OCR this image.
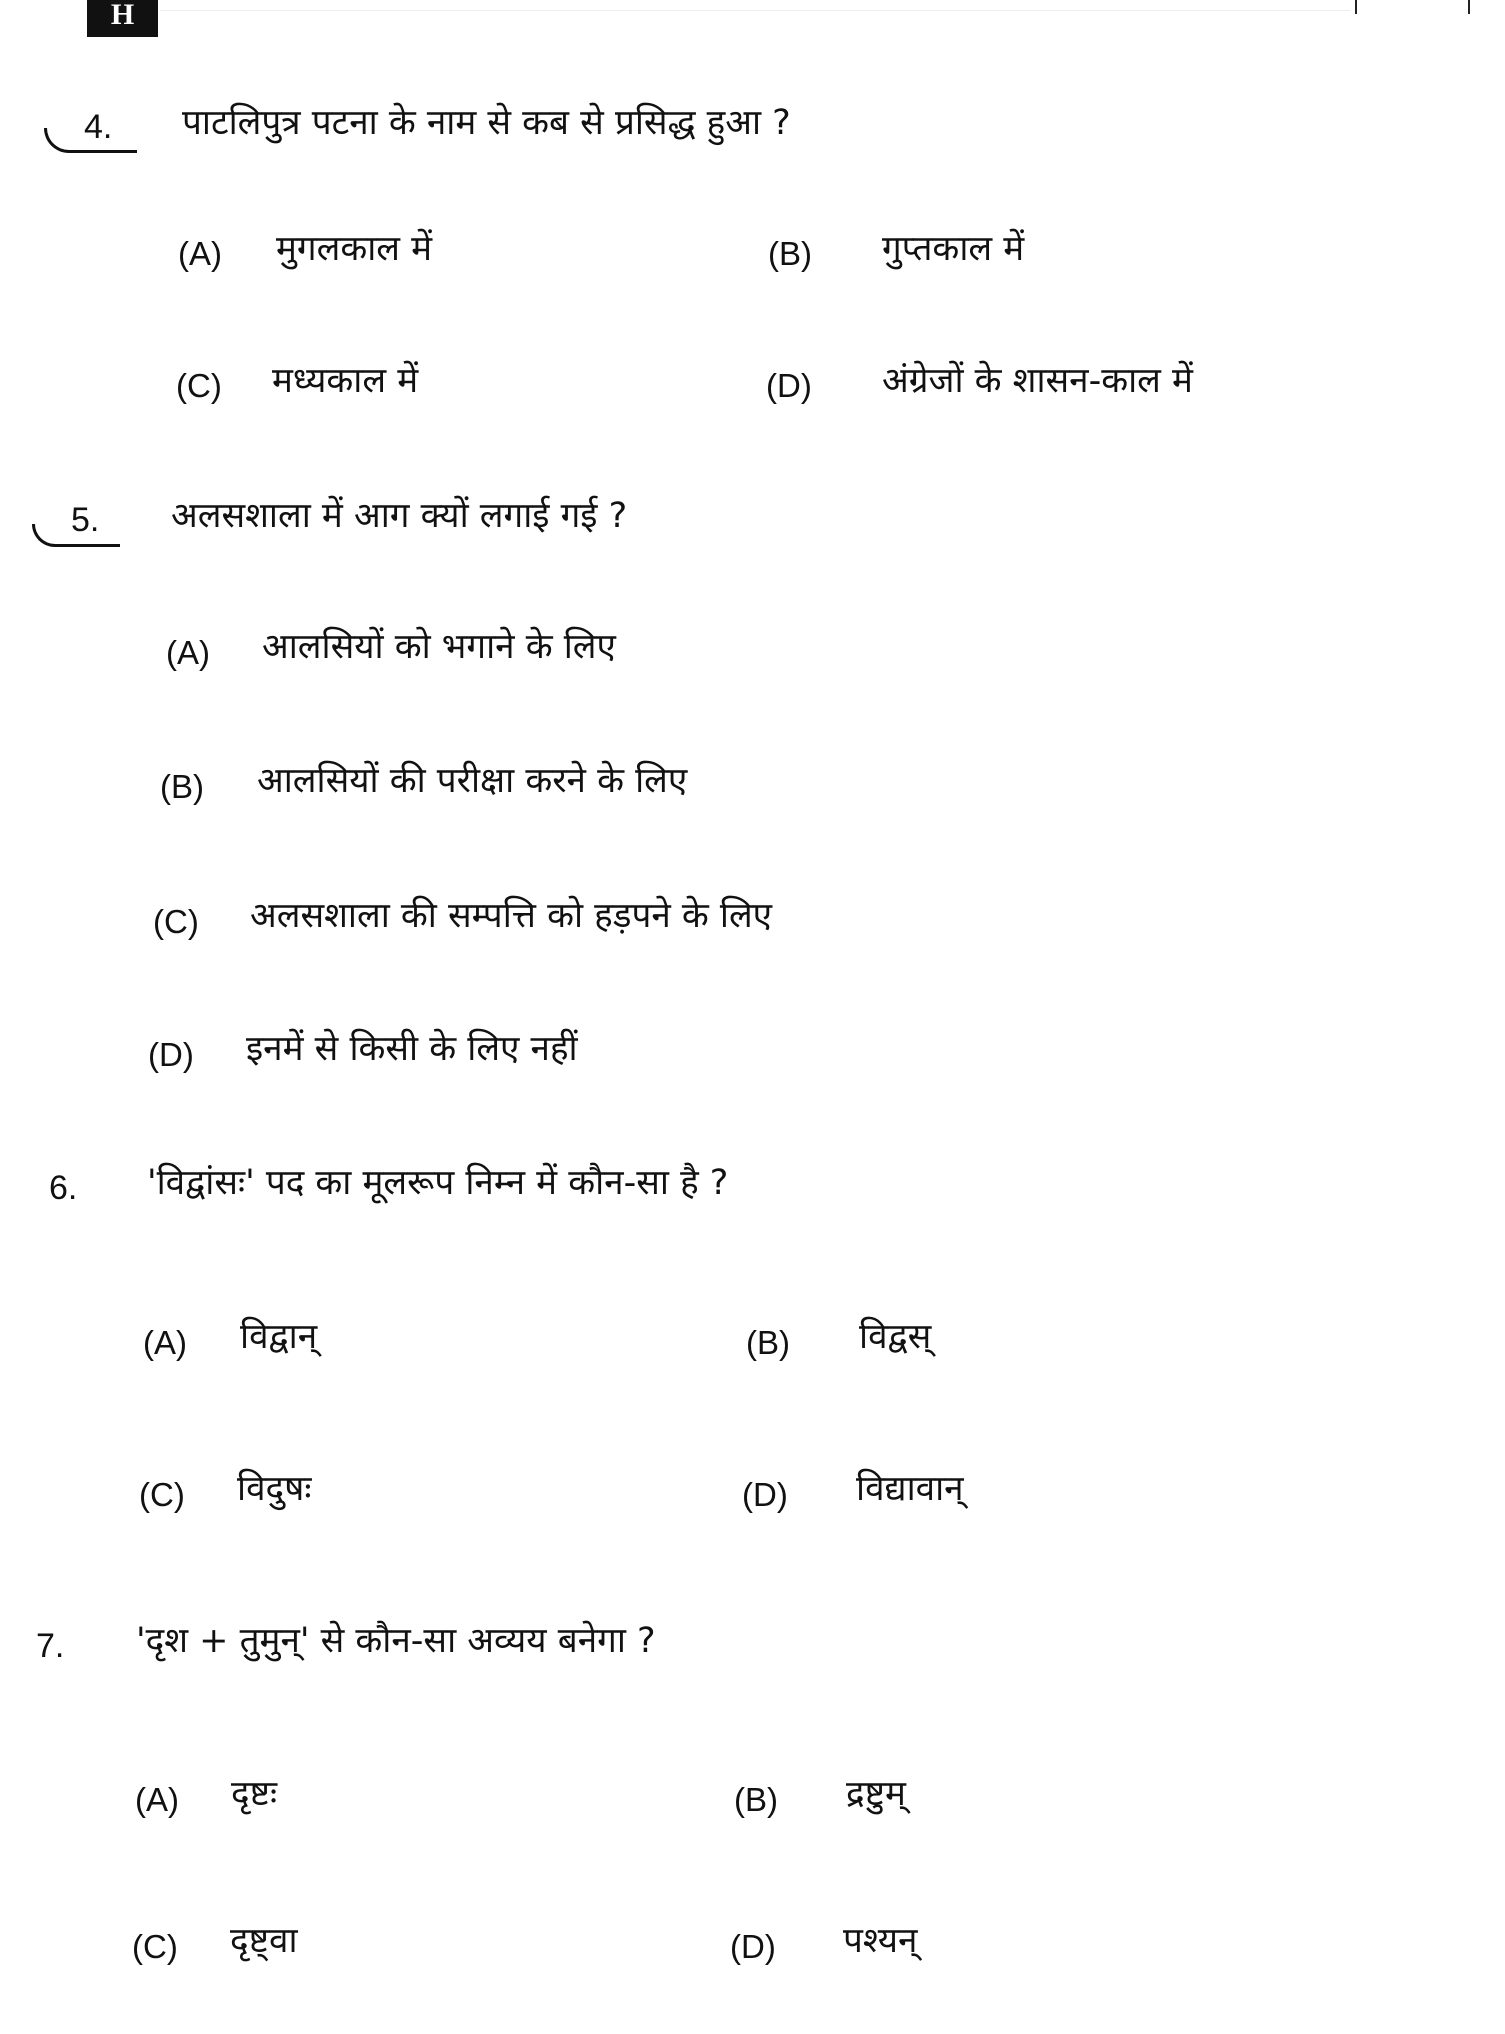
H
4. पाटलिपुत्र पटना के नाम से कब से प्रसिद्ध हुआ ?
(A) मुगलकाल में	(B) गुप्तकाल में
(C) मध्यकाल में	(D) अंग्रेजों के शासन-काल में
5. अलसशाला में आग क्यों लगाई गई ?
(A) आलसियों को भगाने के लिए
(B) आलसियों की परीक्षा करने के लिए
(C) अलसशाला की सम्पत्ति को हड़पने के लिए
(D) इनमें से किसी के लिए नहीं
6. 'विद्वांसः' पद का मूलरूप निम्न में कौन-सा है ?
(A) विद्वान्	(B) विद्वस्
(C) विदुषः	(D) विद्यावान्
7. 'दृश + तुमुन्' से कौन-सा अव्यय बनेगा ?
(A) दृष्टः	(B) द्रष्टुम्
(C) दृष्ट्वा	(D) पश्यन्
